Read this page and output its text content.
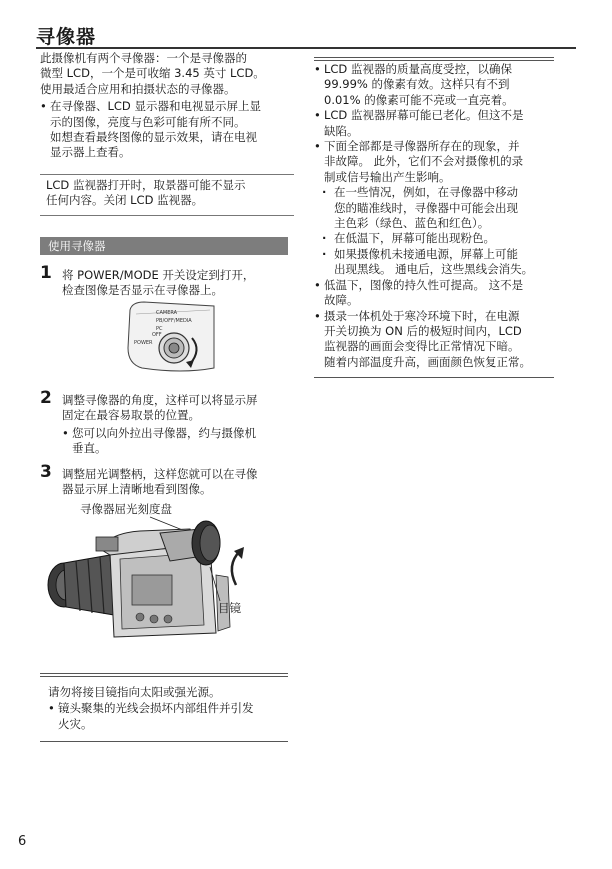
寻像器

此摄像机有两个寻像器：一个是寻像器的
微型 LCD，一个是可收缩 3.45 英寸 LCD。
使用最适合应用和拍摄状态的寻像器。

• 在寻像器、LCD 显示器和电视显示屏上显
示的图像，亮度与色彩可能有所不同。
如想查看最终图像的显示效果，请在电视
显示器上查看。

LCD 监视器打开时，取景器可能不显示
任何内容。关闭 LCD 监视器。
使用寻像器
1 将 POWER/MODE 开关设定到打开，
检查图像是否显示在寻像器上。
CAMERA
PB/OFF/MEDIA
PC
POWER
OFF
2 调整寻像器的角度，这样可以将显示屏
固定在最容易取景的位置。

• 您可以向外拉出寻像器，约与摄像机
垂直。

3 调整屈光调整柄，这样您就可以在寻像
器显示屏上清晰地看到图像。
寻像器屈光刻度盘
目镜
请勿将接目镜指向太阳或强光源。

• 镜头聚集的光线会损坏内部组件并引发
火灾。

• LCD 监视器的质量高度受控，以确保
99.99% 的像素有效。这样只有不到
0.01% 的像素可能不亮或一直亮着。

• LCD 监视器屏幕可能已老化。但这不是
缺陷。

• 下面全部都是寻像器所存在的现象，并
非故障。 此外，它们不会对摄像机的录
制或信号输出产生影响。

· 在一些情况，例如，在寻像器中移动
您的瞄准线时，寻像器中可能会出现
主色彩（绿色、蓝色和红色）。

· 在低温下，屏幕可能出现粉色。

· 如果摄像机未接通电源，屏幕上可能
出现黑线。 通电后，这些黑线会消失。

• 低温下，图像的持久性可提高。 这不是
故障。

• 摄录一体机处于寒冷环境下时，在电源
开关切换为 ON 后的极短时间内，LCD
监视器的画面会变得比正常情况下暗。
随着内部温度升高，画面颜色恢复正常。

6
